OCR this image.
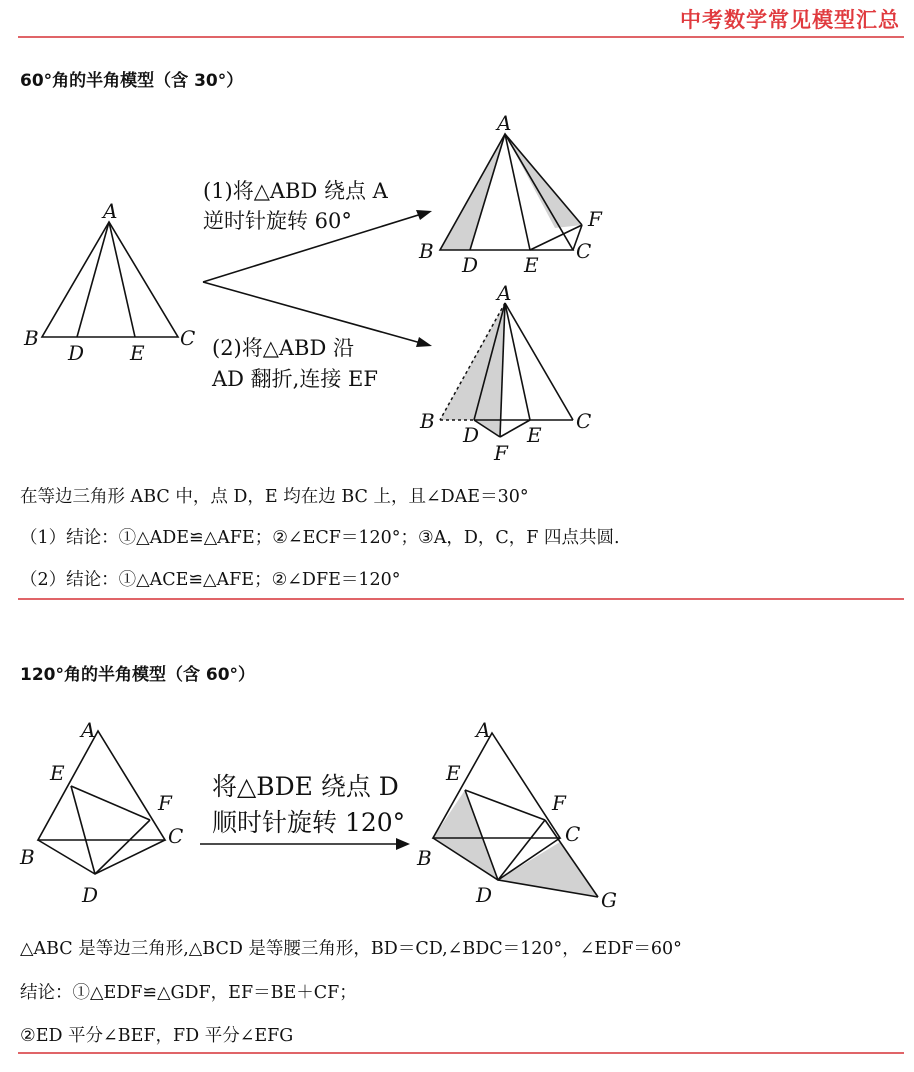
中考数学常见模型汇总
60°角的半角模型（含 30°）
A
B	C
D E
(1)将△ABD 绕点 A
逆时针旋转 60°
(2)将△ABD 沿
AD 翻折,连接 EF
A
B	C
D E
F
A
B	C
D E
F
在等边三角形 ABC 中，点 D，E 均在边 BC 上，且∠DAE＝30°
（1）结论：①△ADE≌△AFE；②∠ECF＝120°；③A，D，C，F 四点共圆.
（2）结论：①△ACE≌△AFE；②∠DFE＝120°
120°角的半角模型（含 60°）
A
E
F
C
B
D
将△BDE 绕点 D
顺时针旋转 120°
A
E
F
C
B
D	G
△ABC 是等边三角形,△BCD 是等腰三角形，BD＝CD,∠BDC＝120°，∠EDF＝60°
结论：①△EDF≌△GDF，EF＝BE＋CF；
②ED 平分∠BEF，FD 平分∠EFG
